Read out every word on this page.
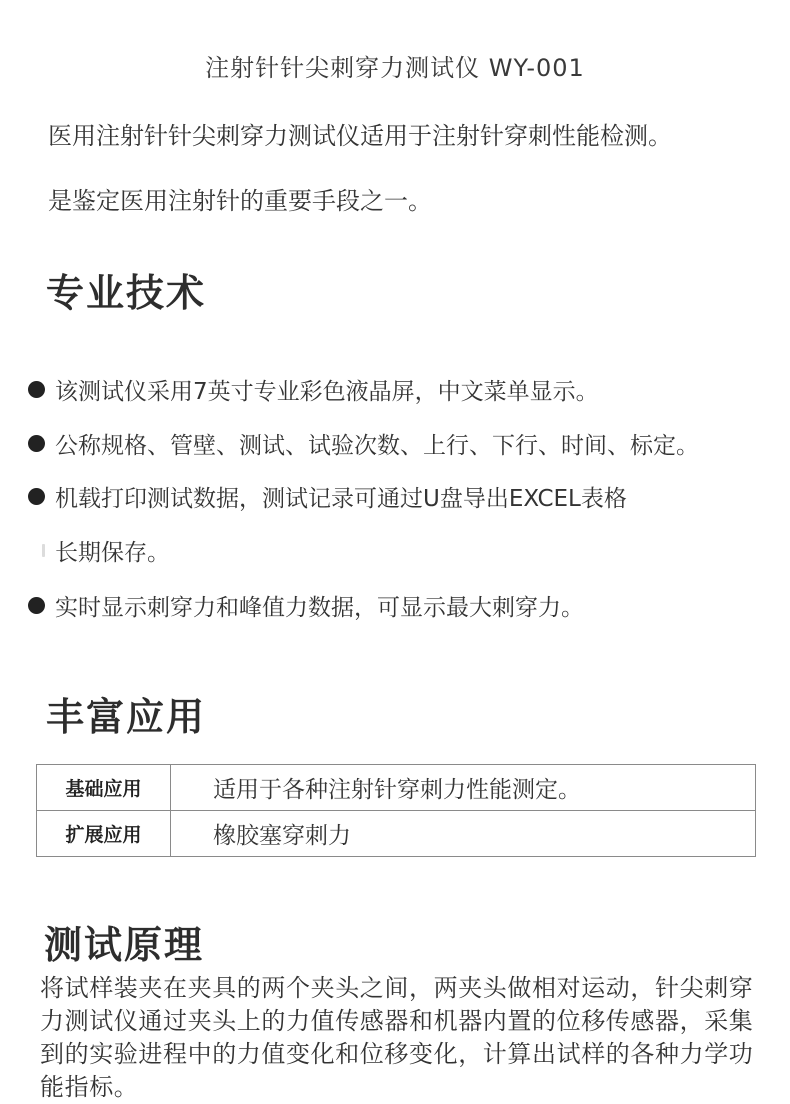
注射针针尖刺穿力测试仪 WY-001
医用注射针针尖刺穿力测试仪适用于注射针穿刺性能检测。
是鉴定医用注射针的重要手段之一。
专业技术
该测试仪采用7英寸专业彩色液晶屏，中文菜单显示。
公称规格、管壁、测试、试验次数、上行、下行、时间、标定。
机载打印测试数据，测试记录可通过U盘导出EXCEL表格
长期保存。
实时显示刺穿力和峰值力数据，可显示最大刺穿力。
丰富应用
基础应用	适用于各种注射针穿刺力性能测定。
扩展应用	橡胶塞穿刺力
测试原理
将试样装夹在夹具的两个夹头之间，两夹头做相对运动，针尖刺穿力测试仪通过夹头上的力值传感器和机器内置的位移传感器，采集到的实验进程中的力值变化和位移变化，计算出试样的各种力学功能指标。
